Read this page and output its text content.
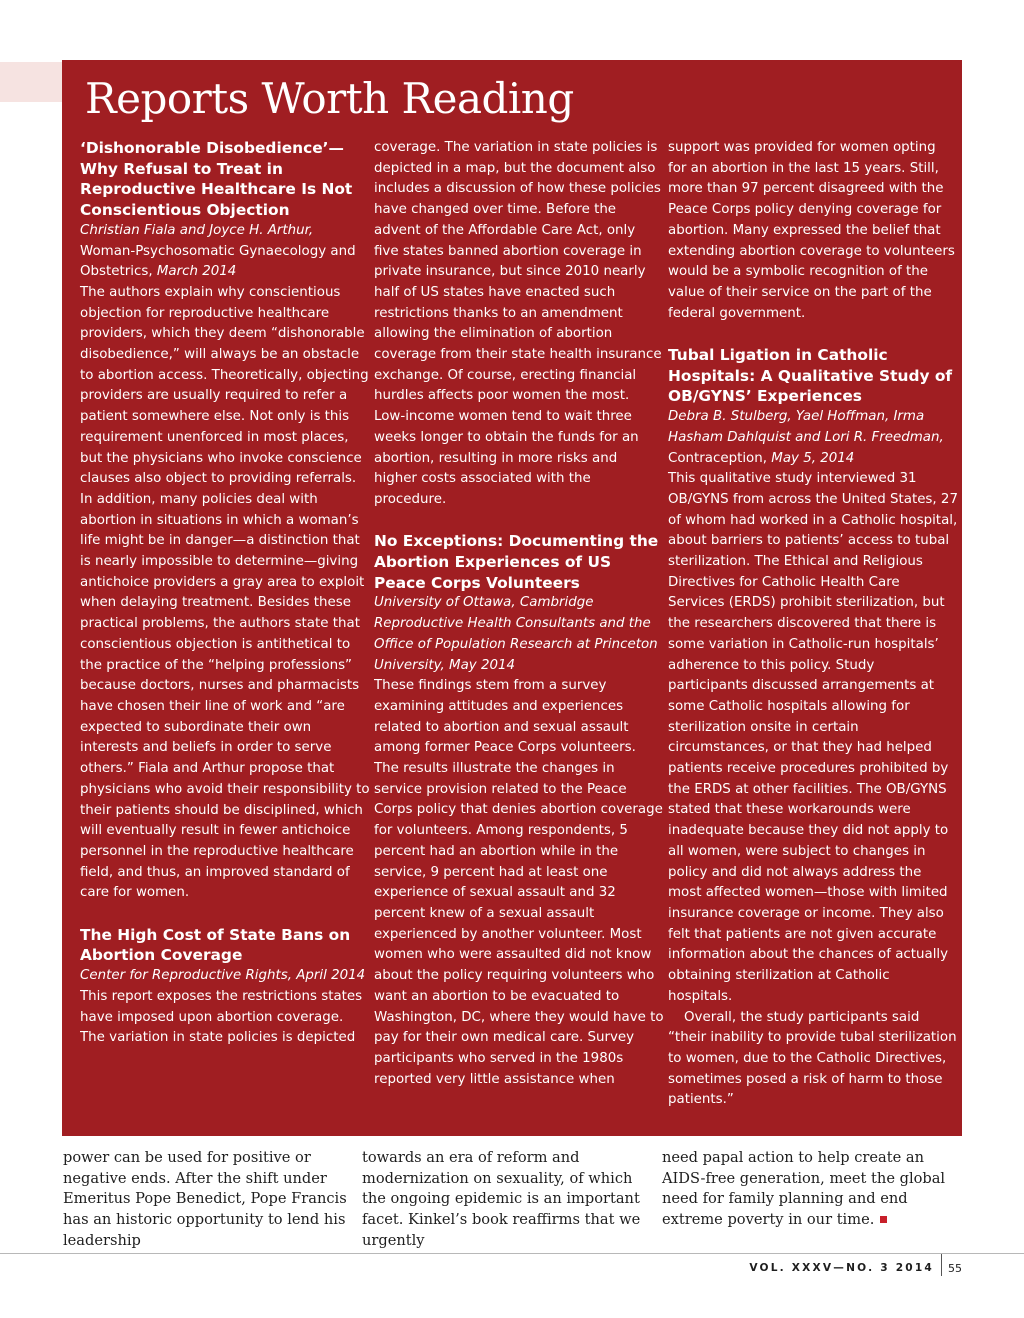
Reports Worth Reading
‘Dishonorable Disobedience’— Why Refusal to Treat in Reproductive Healthcare Is Not Conscientious Objection
Christian Fiala and Joyce H. Arthur,
Woman-Psychosomatic Gynaecology and Obstetrics, March 2014
The authors explain why conscientious objection for reproductive healthcare providers, which they deem “dishonorable disobedience,” will always be an obstacle to abortion access. Theoretically, objecting providers are usually required to refer a patient somewhere else. Not only is this requirement unenforced in most places, but the physicians who invoke conscience clauses also object to providing referrals. In addition, many policies deal with abortion in situations in which a woman’s life might be in danger—a distinction that is nearly impossible to determine—giving antichoice providers a gray area to exploit when delaying treatment. Besides these practical problems, the authors state that conscientious objection is antithetical to the practice of the “helping professions” because doctors, nurses and pharmacists have chosen their line of work and “are expected to subordinate their own interests and beliefs in order to serve others.” Fiala and Arthur propose that physicians who avoid their responsibility to their patients should be disciplined, which will eventually result in fewer antichoice personnel in the reproductive healthcare field, and thus, an improved standard of care for women.
The High Cost of State Bans on Abortion Coverage
Center for Reproductive Rights, April 2014
This report exposes the restrictions states have imposed upon abortion coverage. The variation in state policies is depicted
coverage. The variation in state policies is depicted in a map, but the document also includes a discussion of how these policies have changed over time. Before the advent of the Affordable Care Act, only five states banned abortion coverage in private insurance, but since 2010 nearly half of US states have enacted such restrictions thanks to an amendment allowing the elimination of abortion coverage from their state health insurance exchange. Of course, erecting financial hurdles affects poor women the most. Low-income women tend to wait three weeks longer to obtain the funds for an abortion, resulting in more risks and higher costs associated with the procedure.
No Exceptions: Documenting the Abortion Experiences of US Peace Corps Volunteers
University of Ottawa, Cambridge Reproductive Health Consultants and the Office of Population Research at Princeton University, May 2014
These findings stem from a survey examining attitudes and experiences related to abortion and sexual assault among former Peace Corps volunteers. The results illustrate the changes in service provision related to the Peace Corps policy that denies abortion coverage for volunteers. Among respondents, 5 percent had an abortion while in the service, 9 percent had at least one experience of sexual assault and 32 percent knew of a sexual assault experienced by another volunteer. Most women who were assaulted did not know about the policy requiring volunteers who want an abortion to be evacuated to Washington, DC, where they would have to pay for their own medical care. Survey participants who served in the 1980s reported very little assistance when
support was provided for women opting for an abortion in the last 15 years. Still, more than 97 percent disagreed with the Peace Corps policy denying coverage for abortion. Many expressed the belief that extending abortion coverage to volunteers would be a symbolic recognition of the value of their service on the part of the federal government.
Tubal Ligation in Catholic Hospitals: A Qualitative Study of OB/GYNS’ Experiences
Debra B. Stulberg, Yael Hoffman, Irma Hasham Dahlquist and Lori R. Freedman,
Contraception, May 5, 2014
This qualitative study interviewed 31 OB/GYNS from across the United States, 27 of whom had worked in a Catholic hospital, about barriers to patients’ access to tubal sterilization. The Ethical and Religious Directives for Catholic Health Care Services (ERDS) prohibit sterilization, but the researchers discovered that there is some variation in Catholic-run hospitals’ adherence to this policy. Study participants discussed arrangements at some Catholic hospitals allowing for sterilization onsite in certain circumstances, or that they had helped patients receive procedures prohibited by the ERDS at other facilities. The OB/GYNS stated that these workarounds were inadequate because they did not apply to all women, were subject to changes in policy and did not always address the most affected women—those with limited insurance coverage or income. They also felt that patients are not given accurate information about the chances of actually obtaining sterilization at Catholic hospitals.
Overall, the study participants said “their inability to provide tubal sterilization to women, due to the Catholic Directives, sometimes posed a risk of harm to those patients.”
power can be used for positive or negative ends. After the shift under Emeritus Pope Benedict, Pope Francis has an historic opportunity to lend his leadership
towards an era of reform and modernization on sexuality, of which the ongoing epidemic is an important facet. Kinkel’s book reaffirms that we urgently
need papal action to help create an AIDS-free generation, meet the global need for family planning and end extreme poverty in our time.
VOL. XXXV—NO. 3 2014 55
